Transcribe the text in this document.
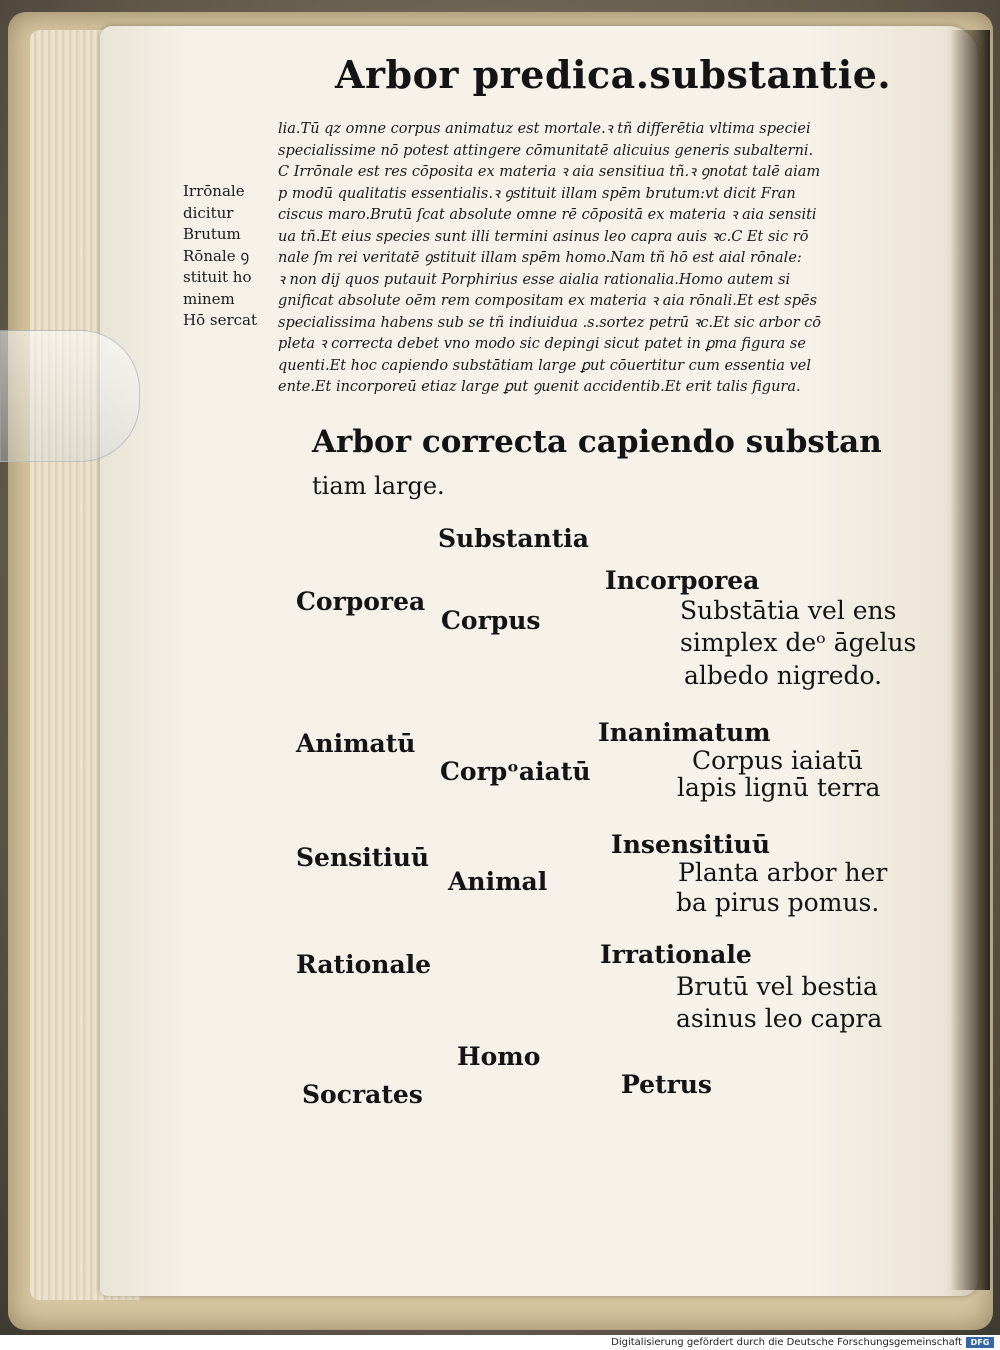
Arbor predica.substantie.
Irrōnale
dicitur
Brutum
Rōnale ꝯ
stituit ho
minem
Hō sercat
lia.Tū qz omne corpus animatuz est mortale.ꝛ tñ differētia vltima speciei
specialissime nō potest attingere cōmunitatē alicuius generis subalterni.
C Irrōnale est res cōposita ex materia ꝛ aia sensitiua tñ.ꝛ ꝯnotat talē aiam
p modū qualitatis essentialis.ꝛ ꝯstituit illam spēm brutum:vt dicit Fran
ciscus maro.Brutū ſcat absolute omne rē cōpositā ex materia ꝛ aia sensiti
ua tñ.Et eius species sunt illi termini asinus leo capra auis ꝛc.C Et sic rō
nale ſm rei veritatē ꝯstituit illam spēm homo.Nam tñ hō est aial rōnale:
ꝛ non dij quos putauit Porphirius esse aialia rationalia.Homo autem si
gnificat absolute oēm rem compositam ex materia ꝛ aia rōnali.Et est spēs
specialissima habens sub se tñ indiuidua .s.sortez petrū ꝛc.Et sic arbor cō
pleta ꝛ correcta debet vno modo sic depingi sicut patet in ꝑma figura se
quenti.Et hoc capiendo substātiam large ꝑut cōuertitur cum essentia vel
ente.Et incorporeū etiaz large ꝑut ꝯuenit accidentib.Et erit talis figura.
Arbor correcta capiendo substan
tiam large.
Substantia
Corporea
Incorporea
Corpus	Substātia vel ens
simplex deᵒ āgelus
albedo nigredo.
Animatū	Inanimatum
Corpᵒaiatū	Corpus iaiatū
lapis lignū terra
Sensitiuū	Insensitiuū
Animal	Planta arbor her
ba pirus pomus.
Rationale	Irrationale
Brutū vel bestia
asinus leo capra
Homo
Socrates	Petrus
Digitalisierung gefördert durch die Deutsche Forschungsgemeinschaft	DFG
